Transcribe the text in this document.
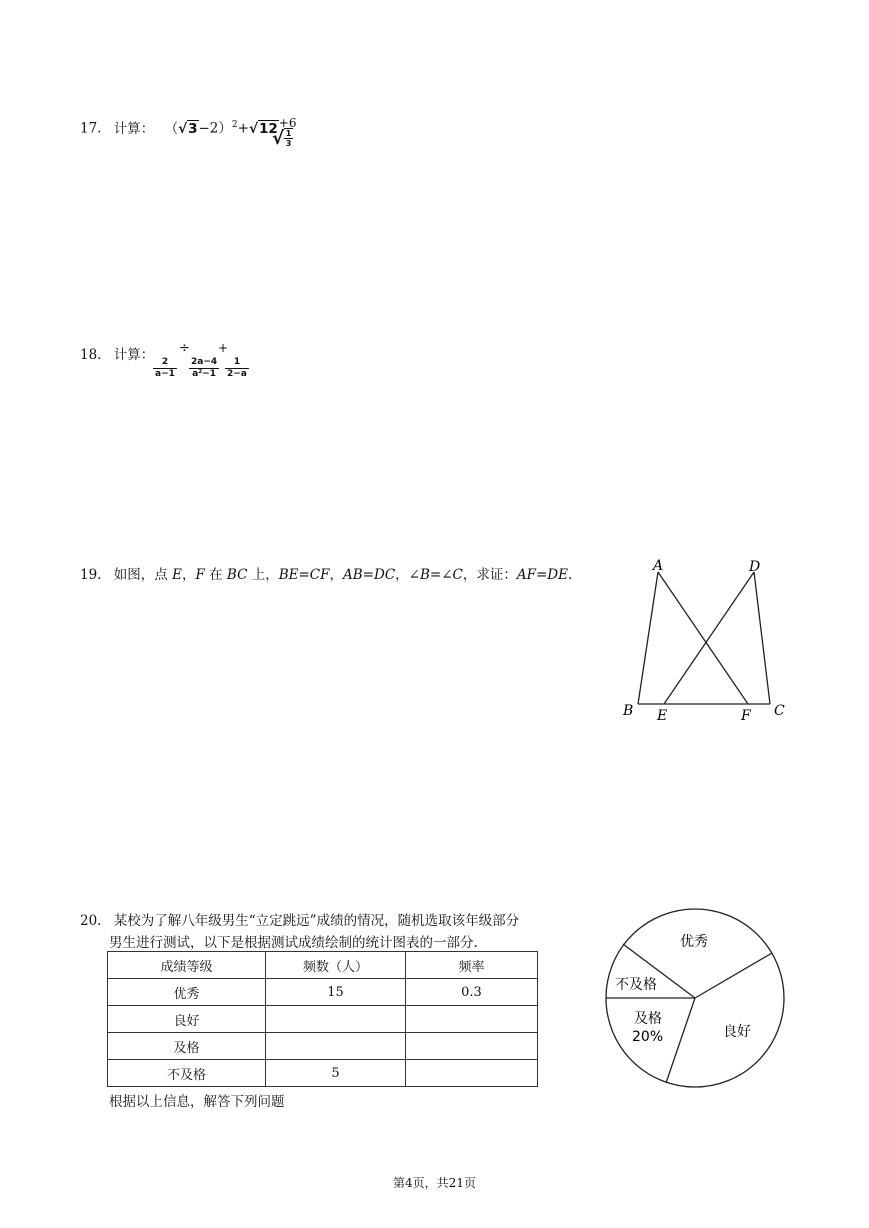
17. 计算： $(√3-2)^2+√12^{+6}$
√ $\frac{1}{3}$
18. 计算：
$\frac{2}{a-1}$
÷
$\frac{2a-4}{\text{a²−1}}$
+
$\frac{1}{2-a}$
19. 如图，点 E，F 在 BC 上，BE=CF，AB=DC，∠B=∠C，求证：AF=DE.
A	D
B E	F C
20. 某校为了解八年级男生“立定跳远”成绩的情况，随机选取该年级部分
男生进行测试，以下是根据测试成绩绘制的统计图表的一部分.
成绩等级	频数（人）	频率
优秀	15	0.3
良好		
及格		
不及格	5	
根据以上信息，解答下列问题
优秀
不及格
及格
20%	良好
第4页，共21页
